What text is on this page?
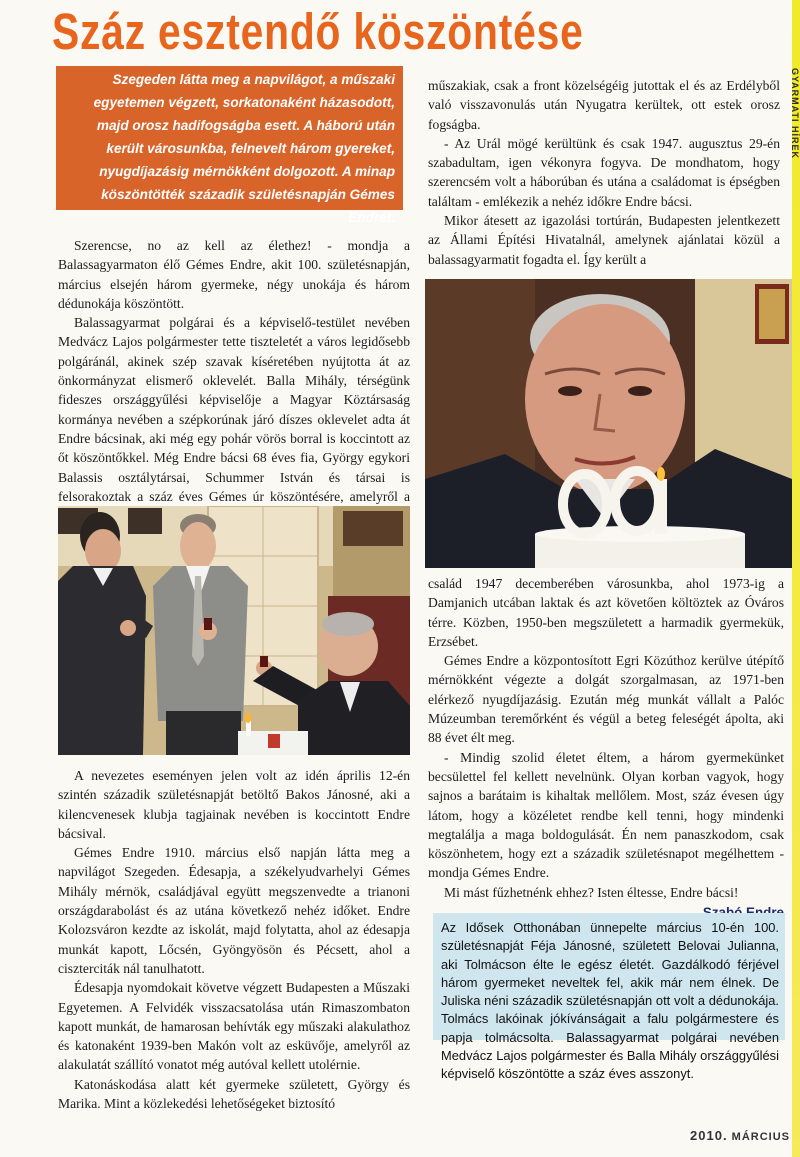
GYARMATI HÍREK
Száz esztendő köszöntése
Szegeden látta meg a napvilágot, a műszaki egyetemen végzett, sorkatonaként házasodott, majd orosz hadifogságba esett. A háború után került városunkba, felnevelt három gyereket, nyugdíjazásig mérnökként dolgozott. A minap köszöntötték századik születésnapján Gémes Endrét.

Szerencse, no az kell az élethez! - mondja a Balassagyarmaton élő Gémes Endre, akit 100. születésnapján, március elsején három gyermeke, négy unokája és három dédunokája köszöntött.

Balassagyarmat polgárai és a képviselő-testület nevében Medvácz Lajos polgármester tette tiszteletét a város legidősebb polgáránál, akinek szép szavak kíséretében nyújtotta át az önkormányzat elismerő oklevelét. Balla Mihály, térségünk fideszes országgyűlési képviselője a Magyar Köztársaság kormánya nevében a szépkorúnak járó díszes oklevelet adta át Endre bácsinak, aki még egy pohár vörös borral is koccintott az őt köszöntőkkel. Még Endre bácsi 68 éves fia, György egykori Balassis osztálytársai, Schummer István és társai is felsorakoztak a száz éves Gémes úr köszöntésére, amelyről a

A nevezetes eseményen jelen volt az idén április 12-én szintén századik születésnapját betöltő Bakos Jánosné, aki a kilencvenesek klubja tagjainak nevében is koccintott Endre bácsival.

Gémes Endre 1910. március első napján látta meg a napvilágot Szegeden. Édesapja, a székelyudvarhelyi Gémes Mihály mérnök, családjával együtt megszenvedte a trianoni országdarabolást és az utána következő nehéz időket. Endre Kolozsváron kezdte az iskolát, majd folytatta, ahol az édesapja munkát kapott, Lőcsén, Gyöngyösön és Pécsett, ahol a ciszterciták nál tanulhatott.

Édesapja nyomdokait követve végzett Budapesten a Műszaki Egyetemen. A Felvidék visszacsatolása után Rimaszombaton kapott munkát, de hamarosan behívták egy műszaki alakulathoz és katonaként 1939-ben Makón volt az esküvője, amelyről az alakulatát szállító vonatot még autóval kellett utolérnie.

Katonáskodása alatt két gyermeke született, György és Marika. Mint a közlekedési lehetőségeket biztosító

műszakiak, csak a front közelségéig jutottak el és az Erdélyből való visszavonulás után Nyugatra kerültek, ott estek orosz fogságba.

- Az Urál mögé kerültünk és csak 1947. augusztus 29-én szabadultam, igen vékonyra fogyva. De mondhatom, hogy szerencsém volt a háborúban és utána a családomat is épségben találtam - emlékezik a nehéz időkre Endre bácsi.

Mikor átesett az igazolási tortúrán, Budapesten jelentkezett az Állami Építési Hivatalnál, amelynek ajánlatai közül a balassagyarmatit fogadta el. Így került a

család 1947 decemberében városunkba, ahol 1973-ig a Damjanich utcában laktak és azt követően költöztek az Óváros térre. Közben, 1950-ben megszületett a harmadik gyermekük, Erzsébet.

Gémes Endre a központosított Egri Közúthoz kerülve útépítő mérnökként végezte a dolgát szorgalmasan, az 1971-ben elérkező nyugdíjazásig. Ezután még munkát vállalt a Palóc Múzeumban teremőrként és végül a beteg feleségét ápolta, aki 88 évet élt meg.

- Mindig szolid életet éltem, a három gyermekünket becsülettel fel kellett nevelnünk. Olyan korban vagyok, hogy sajnos a barátaim is kihaltak mellőlem. Most, száz évesen úgy látom, hogy a közéletet rendbe kell tenni, hogy mindenki megtalálja a maga boldogulását. Én nem panaszkodom, csak köszönhetem, hogy ezt a századik születésnapot megélhettem - mondja Gémes Endre.

Mi mást fűzhetnénk ehhez? Isten éltesse, Endre bácsi!

Az Idősek Otthonában ünnepelte március 10-én 100. születésnapját Féja Jánosné, született Belovai Julianna, aki Tolmácson élte le egész életét. Gazdálkodó férjével három gyermeket neveltek fel, akik már nem élnek. De Juliska néni századik születésnapján ott volt a dédunokája. Tolmács lakóinak jókívánságait a falu polgármestere és papja tolmácsolta. Balassagyarmat polgárai nevében Medvácz Lajos polgármester és Balla Mihály országgyűlési képviselő köszöntötte a száz éves asszonyt.

2010. MÁRCIUS
